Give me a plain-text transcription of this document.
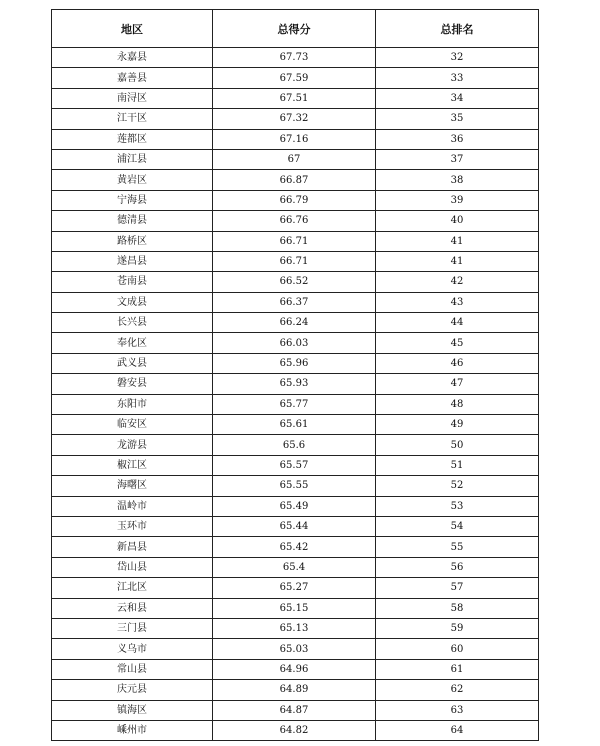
地区	总得分	总排名
永嘉县	67.73	32
嘉善县	67.59	33
南浔区	67.51	34
江干区	67.32	35
莲都区	67.16	36
浦江县	67	37
黄岩区	66.87	38
宁海县	66.79	39
德清县	66.76	40
路桥区	66.71	41
遂昌县	66.71	41
苍南县	66.52	42
文成县	66.37	43
长兴县	66.24	44
奉化区	66.03	45
武义县	65.96	46
磐安县	65.93	47
东阳市	65.77	48
临安区	65.61	49
龙游县	65.6	50
椒江区	65.57	51
海曙区	65.55	52
温岭市	65.49	53
玉环市	65.44	54
新昌县	65.42	55
岱山县	65.4	56
江北区	65.27	57
云和县	65.15	58
三门县	65.13	59
义乌市	65.03	60
常山县	64.96	61
庆元县	64.89	62
镇海区	64.87	63
嵊州市	64.82	64
